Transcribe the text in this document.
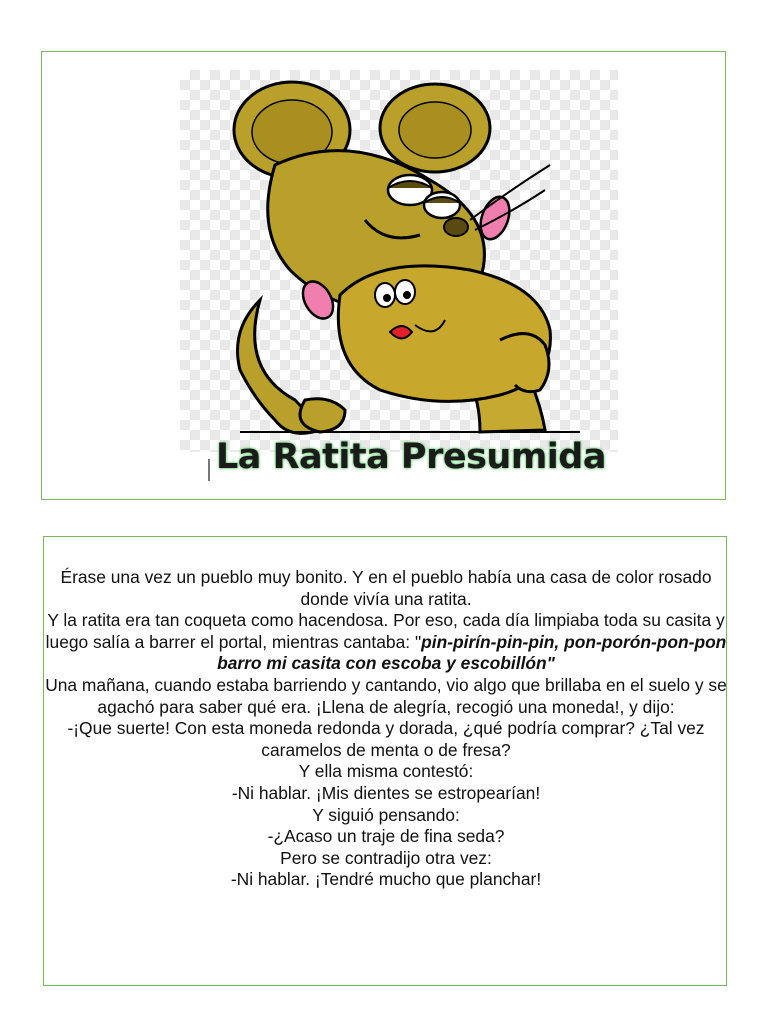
La Ratita Presumida

Érase una vez un pueblo muy bonito. Y en el pueblo había una casa de color rosado donde vivía una ratita.

Y la ratita era tan coqueta como hacendosa. Por eso, cada día limpiaba toda su casita y luego salía a barrer el portal, mientras cantaba: "pin-pirín-pin-pin, pon-porón-pon-pon barro mi casita con escoba y escobillón"

Una mañana, cuando estaba barriendo y cantando, vio algo que brillaba en el suelo y se agachó para saber qué era. ¡Llena de alegría, recogió una moneda!, y dijo:

-¡Que suerte! Con esta moneda redonda y dorada, ¿qué podría comprar? ¿Tal vez caramelos de menta o de fresa?

Y ella misma contestó:

-Ni hablar. ¡Mis dientes se estropearían!

Y siguió pensando:

-¿Acaso un traje de fina seda?

Pero se contradijo otra vez:

-Ni hablar. ¡Tendré mucho que planchar!
